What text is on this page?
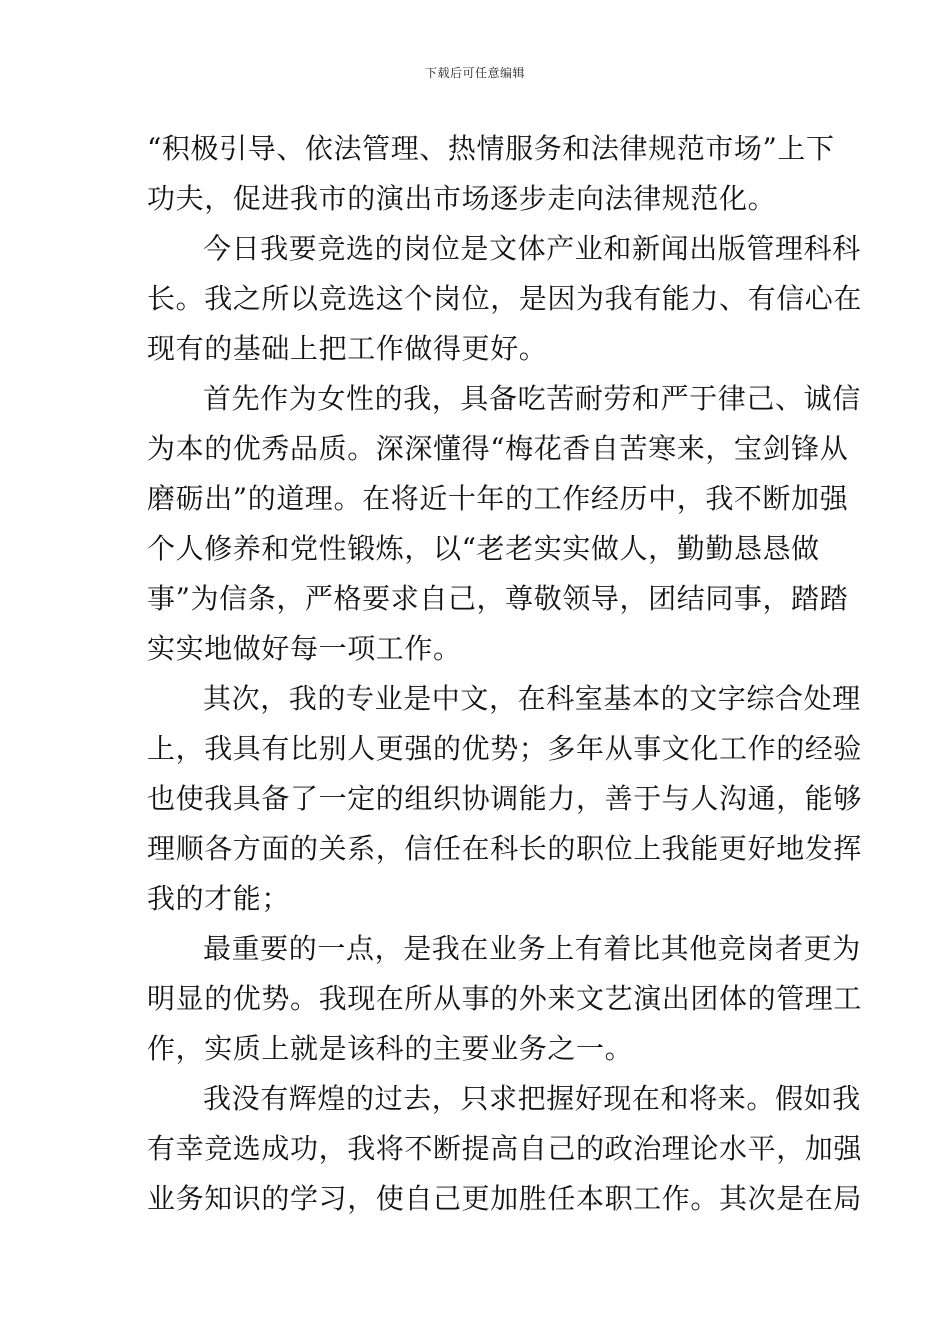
下载后可任意编辑
“积极引导、依法管理、热情服务和法律规范市场”上下
功夫，促进我市的演出市场逐步走向法律规范化。
今日我要竞选的岗位是文体产业和新闻出版管理科科
长。我之所以竞选这个岗位，是因为我有能力、有信心在
现有的基础上把工作做得更好。
首先作为女性的我，具备吃苦耐劳和严于律己、诚信
为本的优秀品质。深深懂得“梅花香自苦寒来，宝剑锋从
磨砺出”的道理。在将近十年的工作经历中，我不断加强
个人修养和党性锻炼，以“老老实实做人，勤勤恳恳做
事”为信条，严格要求自己，尊敬领导，团结同事，踏踏
实实地做好每一项工作。
其次，我的专业是中文，在科室基本的文字综合处理
上，我具有比别人更强的优势；多年从事文化工作的经验
也使我具备了一定的组织协调能力，善于与人沟通，能够
理顺各方面的关系，信任在科长的职位上我能更好地发挥
我的才能；
最重要的一点，是我在业务上有着比其他竞岗者更为
明显的优势。我现在所从事的外来文艺演出团体的管理工
作，实质上就是该科的主要业务之一。
我没有辉煌的过去，只求把握好现在和将来。假如我
有幸竞选成功，我将不断提高自己的政治理论水平，加强
业务知识的学习，使自己更加胜任本职工作。其次是在局
